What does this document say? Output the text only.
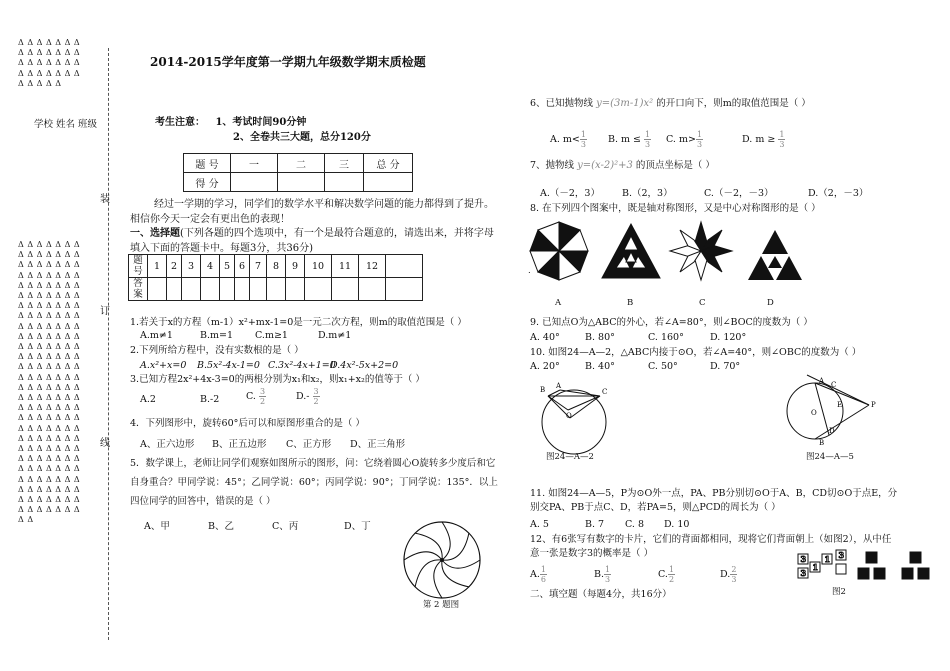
Δ Δ Δ Δ Δ Δ Δ Δ Δ Δ Δ Δ Δ Δ Δ Δ Δ Δ Δ Δ Δ Δ Δ Δ Δ Δ Δ Δ Δ Δ Δ Δ Δ
学校 姓名 班级
Δ Δ Δ Δ Δ Δ Δ Δ Δ Δ Δ Δ Δ Δ Δ Δ Δ Δ Δ Δ Δ Δ Δ Δ Δ Δ Δ Δ Δ Δ Δ Δ Δ Δ Δ Δ Δ Δ Δ Δ Δ Δ Δ Δ Δ Δ Δ Δ Δ Δ Δ Δ Δ Δ Δ Δ Δ Δ Δ Δ Δ Δ Δ Δ Δ Δ Δ Δ Δ Δ Δ Δ Δ Δ Δ Δ Δ Δ Δ Δ Δ Δ Δ Δ Δ Δ Δ Δ Δ Δ Δ Δ Δ Δ Δ Δ Δ Δ Δ Δ Δ Δ Δ Δ Δ Δ Δ Δ Δ Δ Δ Δ Δ Δ Δ Δ Δ Δ Δ Δ Δ Δ Δ Δ Δ Δ Δ Δ Δ Δ Δ Δ Δ Δ Δ Δ Δ Δ Δ Δ Δ Δ Δ Δ Δ Δ Δ Δ Δ Δ Δ Δ Δ Δ Δ Δ Δ Δ Δ Δ Δ Δ Δ Δ Δ Δ Δ Δ Δ Δ Δ Δ Δ Δ Δ Δ Δ Δ Δ Δ Δ Δ Δ Δ Δ Δ Δ Δ Δ Δ Δ
装
订
线
2014-2015学年度第一学期九年级数学期末质检题
考生注意： 1、考试时间90分钟
2、全卷共三大题，总分120分
题 号	一	二	三	总 分
得 分				
经过一学期的学习，同学们的数学水平和解决数学问题的能力都得到了提升。相信你今天一定会有更出色的表现！
一、选择题(下列各题的四个选项中，有一个是最符合题意的，请选出来，并将字母填入下面的答题卡中。每题3分，共36分)
题号	1	2	3	4	5	6	7	8	9	10	11	12	
答案													
1.若关于x的方程（m-1）x²+mx-1=0是一元二次方程，则m的取值范围是（ ）
A.m≠1	B.m=1 C.m≥1	D.m≠1
2.下列所给方程中，没有实数根的是（ ）
A.x²+x=0 B.5x²-4x-1=0 C.3x²-4x+1=0
D.4x²-5x+2=0
3.已知方程2x²+4x-3=0的两根分别为x₁和x₂，则x₁+x₂的值等于（ ）
A.2	B.-2	C. $\frac{3}{2}$	$D.- \frac{3}{2}$
4．下列图形中，旋转60°后可以和原图形重合的是（ ）
A、正六边形 B、正五边形 C、正方形 D、正三角形
5．数学课上，老师让同学们观察如图所示的图形，问：它绕着圆心O旋转多少度后和它自身重合？甲同学说：45°；乙同学说：60°；丙同学说：90°；丁同学说：135°．以上四位同学的回答中，错误的是（ ）
A、甲	B、乙	C、丙	D、丁
第 2 题图
6、已知抛物线 y=(3m-1)x² 的开口向下，则m的取值范围是（ ）
A. $m< \frac{1}{3} B$. $m \le \frac{1}{3} C$. $m> \frac{1}{3}$	D. $m \ge \frac{1}{3}$
7、抛物线 y=(x-2)²+3 的顶点坐标是（ ）
A.（－2，3） B.（2，3）	C.（－2，－3）	D.（2，－3）
8. 在下列四个图案中，既是轴对称图形，又是中心对称图形的是（ ）
.
A	B	C	D
9. 已知点O为△ABC的外心，若∠A=80°，则∠BOC的度数为（ ）
A. 40°	B. 80°	C. 160°	D. 120°
10. 如图24—A—2，△ABC内接于⊙O，若∠A=40°，则∠OBC的度数为（ ）
A. 20°	B. 40°	C. 50°	D. 70°
B A
C
O
图24—A—2
A C
E
O
D
B
P
图24—A—5
11. 如图24—A—5，P为⊙O外一点，PA、PB分别切⊙O于A、B，CD切⊙O于点E，分别交PA、PB于点C、D，若PA=5，则△PCD的周长为（ ）
A. 5	B. 7 C. 8 D. 10
12、有6张写有数字的卡片，它们的背面都相同，现将它们背面朝上（如图2），从中任意一张是数字3的概率是（ ）
A. $\frac{1}{6}$	B. $\frac{1}{3}$	C. $\frac{1}{2}$	D. $\frac{2}{3}$
3
1
1 3
3
图2
二、填空题（每题4分，共16分）
